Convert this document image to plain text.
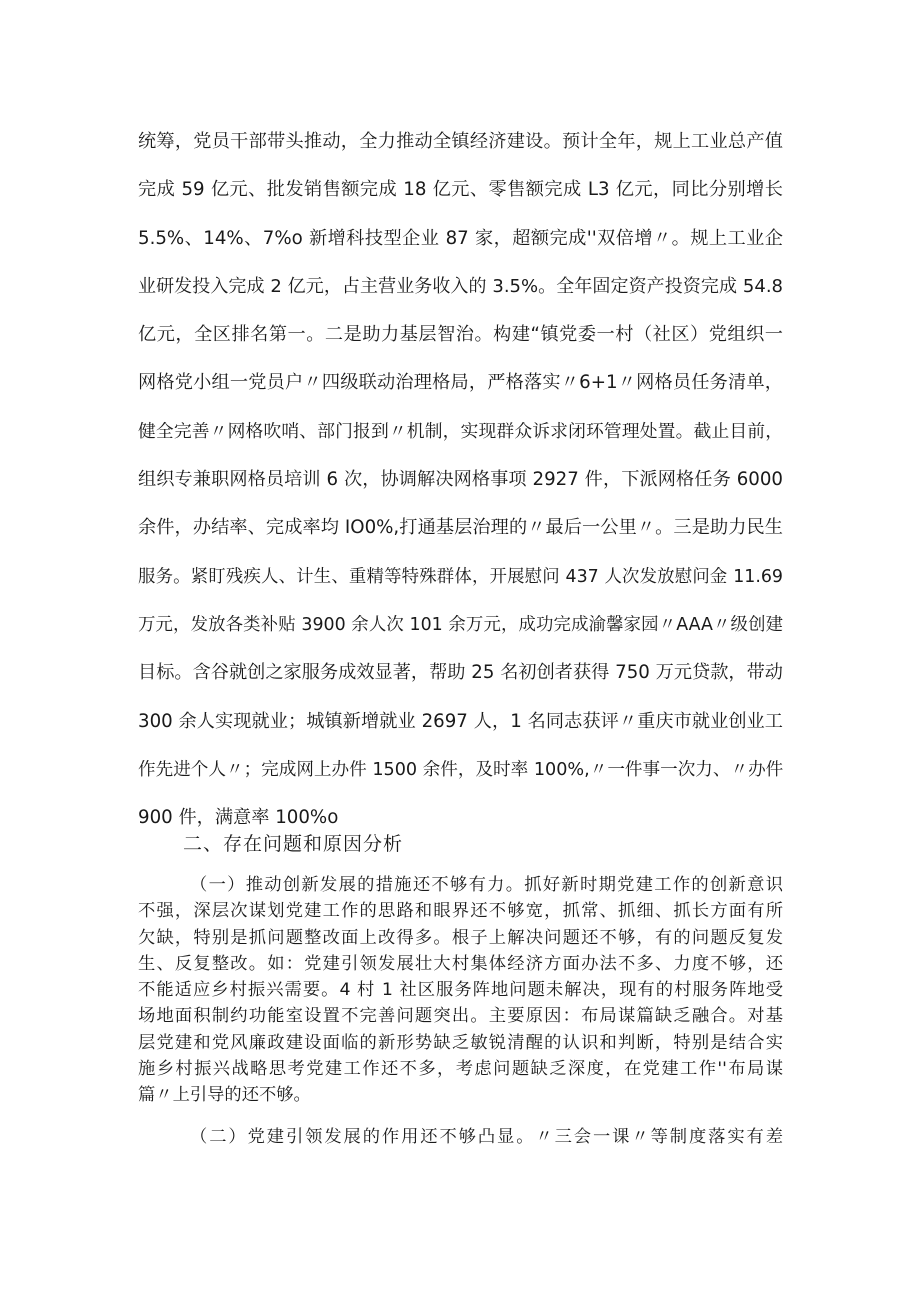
统筹，党员干部带头推动，全力推动全镇经济建设。预计全年，规上工业总产值
完成 59 亿元、批发销售额完成 18 亿元、零售额完成 L3 亿元，同比分别增长
5.5%、14%、7%o 新增科技型企业 87 家，超额完成''双倍增〃。规上工业企
业研发投入完成 2 亿元，占主营业务收入的 3.5%。全年固定资产投资完成 54.8
亿元，全区排名第一。二是助力基层智治。构建“镇党委一村（社区）党组织一
网格党小组一党员户〃四级联动治理格局，严格落实〃6+1〃网格员任务清单，
健全完善〃网格吹哨、部门报到〃机制，实现群众诉求闭环管理处置。截止目前，
组织专兼职网格员培训 6 次，协调解决网格事项 2927 件，下派网格任务 6000
余件，办结率、完成率均 IO0%,打通基层治理的〃最后一公里〃。三是助力民生
服务。紧盯残疾人、计生、重精等特殊群体，开展慰问 437 人次发放慰问金 11.69
万元，发放各类补贴 3900 余人次 101 余万元，成功完成渝馨家园〃AAA〃级创建
目标。含谷就创之家服务成效显著，帮助 25 名初创者获得 750 万元贷款，带动
300 余人实现就业；城镇新增就业 2697 人，1 名同志获评〃重庆市就业创业工
作先进个人〃；完成网上办件 1500 余件，及时率 100%,〃一件事一次力、〃办件
900 件，满意率 100%o
二、存在问题和原因分析
（一）推动创新发展的措施还不够有力。抓好新时期党建工作的创新意识
不强，深层次谋划党建工作的思路和眼界还不够宽，抓常、抓细、抓长方面有所
欠缺，特别是抓问题整改面上改得多。根子上解决问题还不够，有的问题反复发
生、反复整改。如：党建引领发展壮大村集体经济方面办法不多、力度不够，还
不能适应乡村振兴需要。4 村 1 社区服务阵地问题未解决，现有的村服务阵地受
场地面积制约功能室设置不完善问题突出。主要原因：布局谋篇缺乏融合。对基
层党建和党风廉政建设面临的新形势缺乏敏锐清醒的认识和判断，特别是结合实
施乡村振兴战略思考党建工作还不多，考虑问题缺乏深度，在党建工作''布局谋
篇〃上引导的还不够。
（二）党建引领发展的作用还不够凸显。〃三会一课〃等制度落实有差
